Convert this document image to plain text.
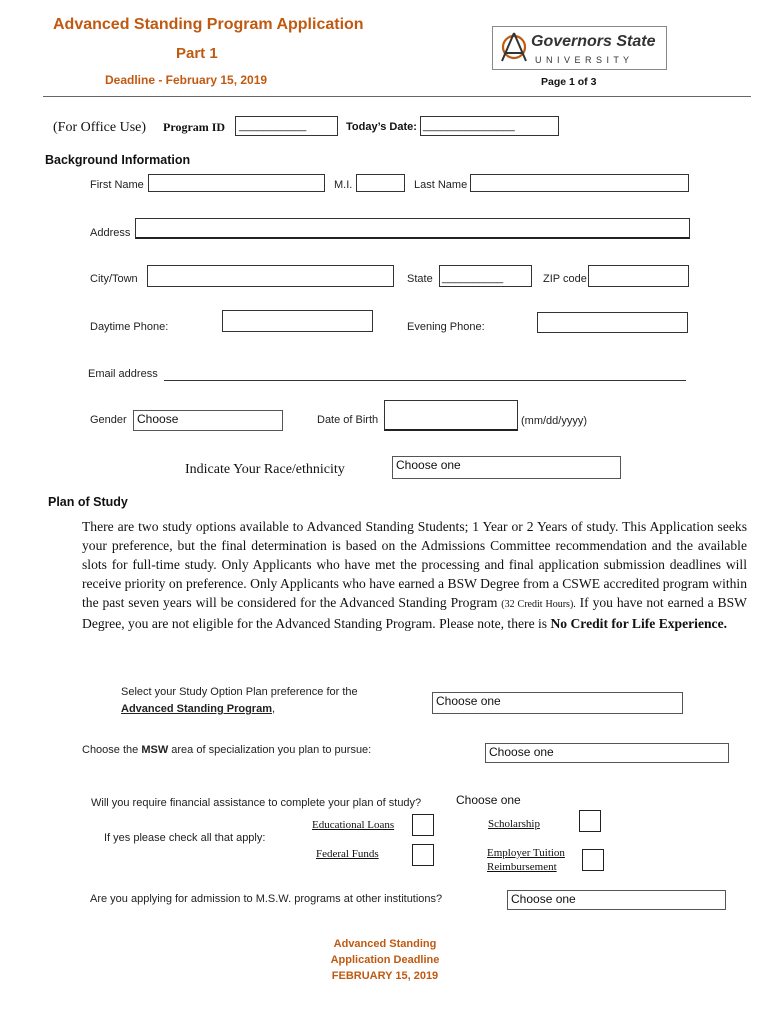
Advanced Standing Program Application
Part 1
Deadline - February 15, 2019
Governors State
U N I V E R S I T Y
Page 1 of 3
(For Office Use) Program ID ___________	Today’s Date: _______________
Background Information
First Name	M.I.	Last Name
Address
City/Town	State __________	ZIP code
Daytime Phone:	Evening Phone:
Email address
Gender Choose	Date of Birth	(mm/dd/yyyy)
Indicate Your Race/ethnicity	Choose one
Plan of Study
There are two study options available to Advanced Standing Students; 1 Year or 2 Years of study. This Application seeks your preference, but the final determination is based on the Admissions Committee recommendation and the available slots for full-time study. Only Applicants who have met the processing and final application submission deadlines will receive priority on preference. Only Applicants who have earned a BSW Degree from a CSWE accredited program within the past seven years will be considered for the Advanced Standing Program (32 Credit Hours). If you have not earned a BSW Degree, you are not eligible for the Advanced Standing Program. Please note, there is No Credit for Life Experience.
Select your Study Option Plan preference for the
Advanced Standing Program,
Choose one
Choose the MSW area of specialization you plan to pursue:	Choose one
Will you require financial assistance to complete your plan of study?	Choose one
If yes please check all that apply:
Educational Loans	Scholarship
Federal Funds	Employer Tuition
Reimbursement
Are you applying for admission to M.S.W. programs at other institutions?	Choose one
Advanced Standing
Application Deadline
FEBRUARY 15, 2019
